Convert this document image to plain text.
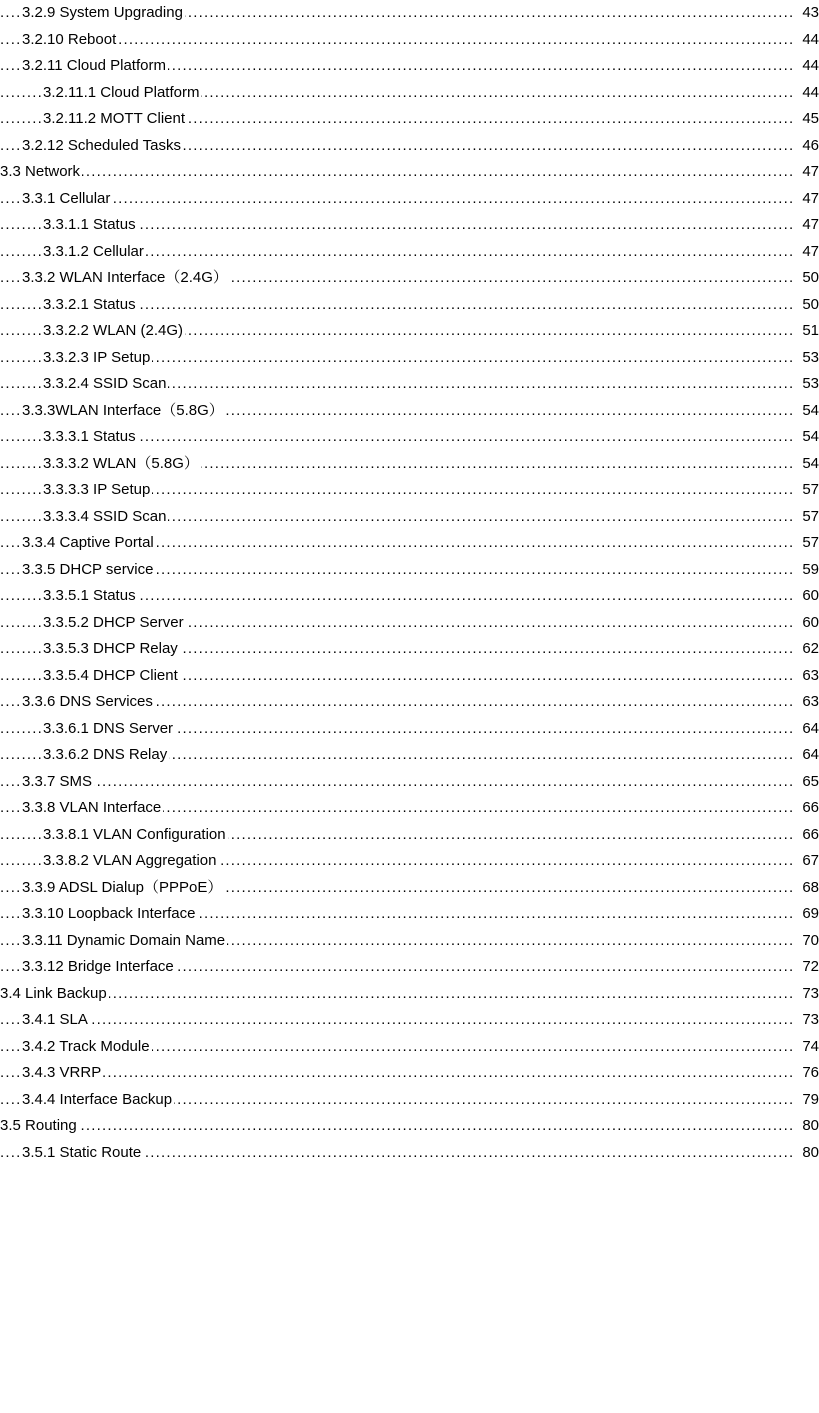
.....
3.2.9 System Upgrading	43
.....
3.2.10 Reboot	44
.....
3.2.11 Cloud Platform	44
.....
3.2.11.1 Cloud Platform	44
.....
3.2.11.2 MOTT Client	45
.....
3.2.12 Scheduled Tasks	46
.....
3.3 Network	47
.....
3.3.1 Cellular	47
.....
3.3.1.1 Status	47
.....
3.3.1.2 Cellular	47
.....
3.3.2 WLAN Interface（2.4G）	50
.....
3.3.2.1 Status	50
.....
3.3.2.2 WLAN (2.4G)	51
.....
3.3.2.3 IP Setup	53
.....
3.3.2.4 SSID Scan	53
.....
3.3.3WLAN Interface（5.8G）	54
.....
3.3.3.1 Status	54
.....
3.3.3.2 WLAN（5.8G）	54
.....
3.3.3.3 IP Setup	57
.....
3.3.3.4 SSID Scan	57
.....
3.3.4 Captive Portal	57
.....
3.3.5 DHCP service	59
.....
3.3.5.1 Status	60
.....
3.3.5.2 DHCP Server	60
.....
3.3.5.3 DHCP Relay	62
.....
3.3.5.4 DHCP Client	63
.....
3.3.6 DNS Services	63
.....
3.3.6.1 DNS Server	64
.....
3.3.6.2 DNS Relay	64
.....
3.3.7 SMS	65
.....
3.3.8 VLAN Interface	66
.....
3.3.8.1 VLAN Configuration	66
.....
3.3.8.2 VLAN Aggregation	67
.....
3.3.9 ADSL Dialup（PPPoE）	68
.....
3.3.10 Loopback Interface	69
.....
3.3.11 Dynamic Domain Name	70
.....
3.3.12 Bridge Interface	72
.....
3.4 Link Backup	73
.....
3.4.1 SLA	73
.....
3.4.2 Track Module	74
.....
3.4.3 VRRP	76
.....
3.4.4 Interface Backup	79
.....
3.5 Routing	80
.....
3.5.1 Static Route	80
